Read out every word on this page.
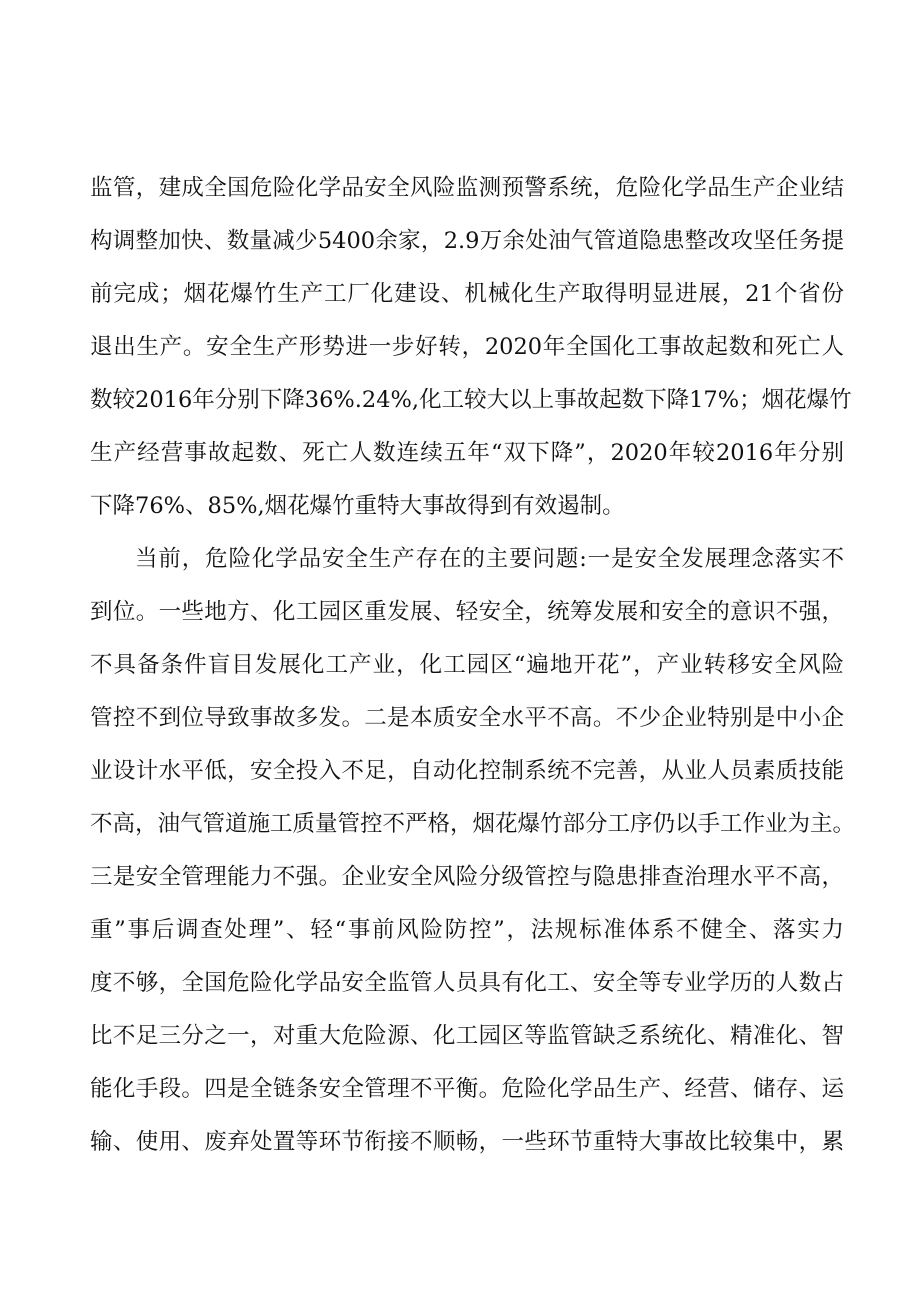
监管，建成全国危险化学品安全风险监测预警系统，危险化学品生产企业结
构调整加快、数量减少5400余家，2.9万余处油气管道隐患整改攻坚任务提
前完成；烟花爆竹生产工厂化建设、机械化生产取得明显进展，21个省份
退出生产。安全生产形势进一步好转，2020年全国化工事故起数和死亡人
数较2016年分别下降36%.24%,化工较大以上事故起数下降17%；烟花爆竹
生产经营事故起数、死亡人数连续五年“双下降”，2020年较2016年分别
下降76%、85%,烟花爆竹重特大事故得到有效遏制。
当前，危险化学品安全生产存在的主要问题:一是安全发展理念落实不
到位。一些地方、化工园区重发展、轻安全，统筹发展和安全的意识不强，
不具备条件盲目发展化工产业，化工园区“遍地开花”，产业转移安全风险
管控不到位导致事故多发。二是本质安全水平不高。不少企业特别是中小企
业设计水平低，安全投入不足，自动化控制系统不完善，从业人员素质技能
不高，油气管道施工质量管控不严格，烟花爆竹部分工序仍以手工作业为主。
三是安全管理能力不强。企业安全风险分级管控与隐患排查治理水平不高，
重”事后调查处理”、轻“事前风险防控”，法规标准体系不健全、落实力
度不够，全国危险化学品安全监管人员具有化工、安全等专业学历的人数占
比不足三分之一，对重大危险源、化工园区等监管缺乏系统化、精准化、智
能化手段。四是全链条安全管理不平衡。危险化学品生产、经营、储存、运
输、使用、废弃处置等环节衔接不顺畅，一些环节重特大事故比较集中，累
